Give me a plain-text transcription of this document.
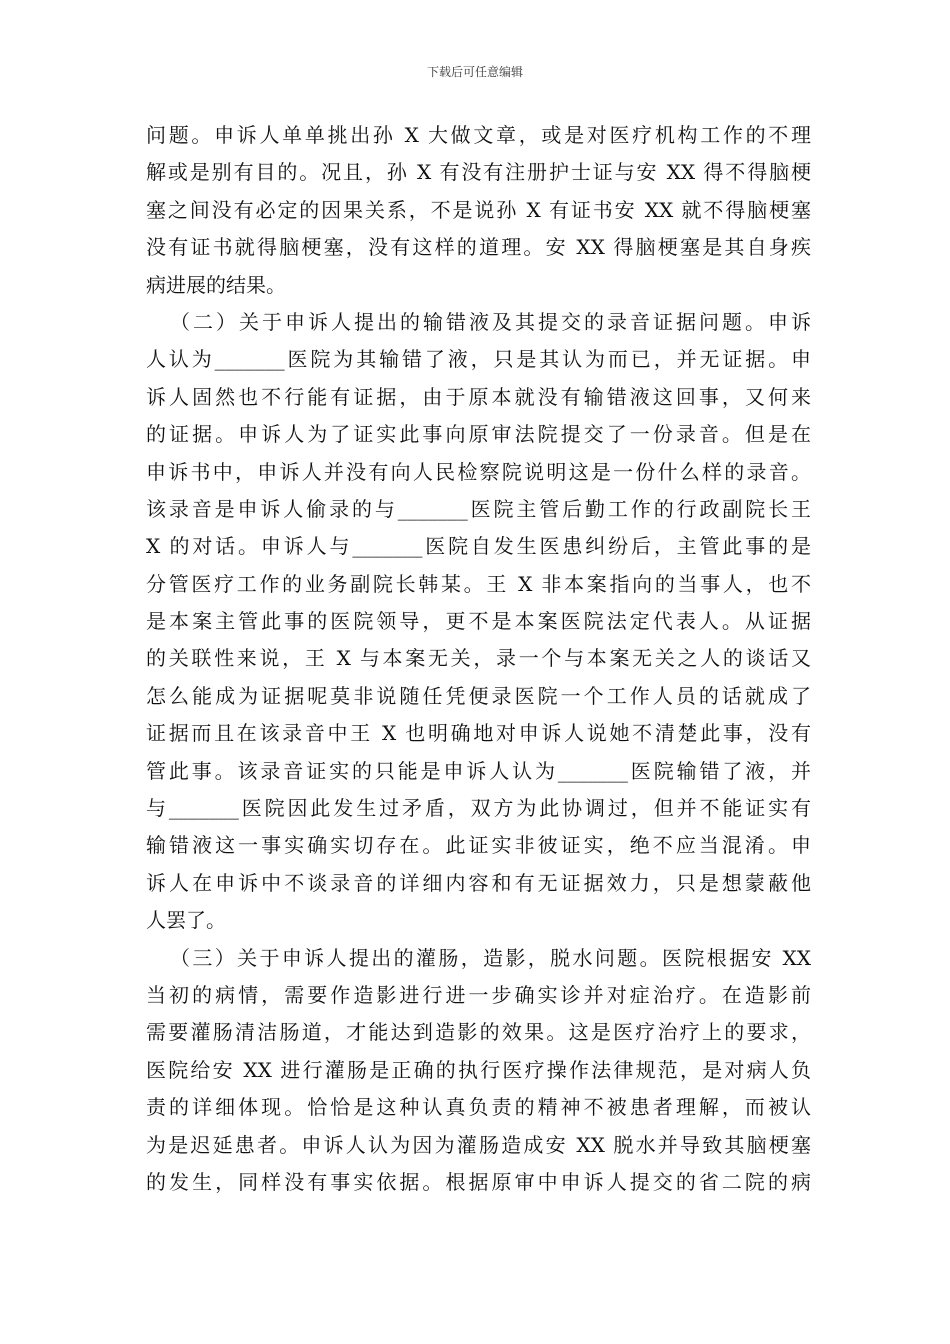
下载后可任意编辑
问题。申诉人单单挑出孙 X 大做文章，或是对医疗机构工作的不理
解或是别有目的。况且，孙 X 有没有注册护士证与安 XX 得不得脑梗
塞之间没有必定的因果关系，不是说孙 X 有证书安 XX 就不得脑梗塞
没有证书就得脑梗塞，没有这样的道理。安 XX 得脑梗塞是其自身疾
病进展的结果。
（二）关于申诉人提出的输错液及其提交的录音证据问题。申诉
人认为_______医院为其输错了液，只是其认为而已，并无证据。申
诉人固然也不行能有证据，由于原本就没有输错液这回事，又何来
的证据。申诉人为了证实此事向原审法院提交了一份录音。但是在
申诉书中，申诉人并没有向人民检察院说明这是一份什么样的录音。
该录音是申诉人偷录的与_______医院主管后勤工作的行政副院长王
X 的对话。申诉人与_______医院自发生医患纠纷后，主管此事的是
分管医疗工作的业务副院长韩某。王 X 非本案指向的当事人，也不
是本案主管此事的医院领导，更不是本案医院法定代表人。从证据
的关联性来说，王 X 与本案无关，录一个与本案无关之人的谈话又
怎么能成为证据呢莫非说随任凭便录医院一个工作人员的话就成了
证据而且在该录音中王 X 也明确地对申诉人说她不清楚此事，没有
管此事。该录音证实的只能是申诉人认为_______医院输错了液，并
与_______医院因此发生过矛盾，双方为此协调过，但并不能证实有
输错液这一事实确实切存在。此证实非彼证实，绝不应当混淆。申
诉人在申诉中不谈录音的详细内容和有无证据效力，只是想蒙蔽他
人罢了。
（三）关于申诉人提出的灌肠，造影，脱水问题。医院根据安 XX
当初的病情，需要作造影进行进一步确实诊并对症治疗。在造影前
需要灌肠清洁肠道，才能达到造影的效果。这是医疗治疗上的要求，
医院给安 XX 进行灌肠是正确的执行医疗操作法律规范，是对病人负
责的详细体现。恰恰是这种认真负责的精神不被患者理解，而被认
为是迟延患者。申诉人认为因为灌肠造成安 XX 脱水并导致其脑梗塞
的发生，同样没有事实依据。根据原审中申诉人提交的省二院的病
